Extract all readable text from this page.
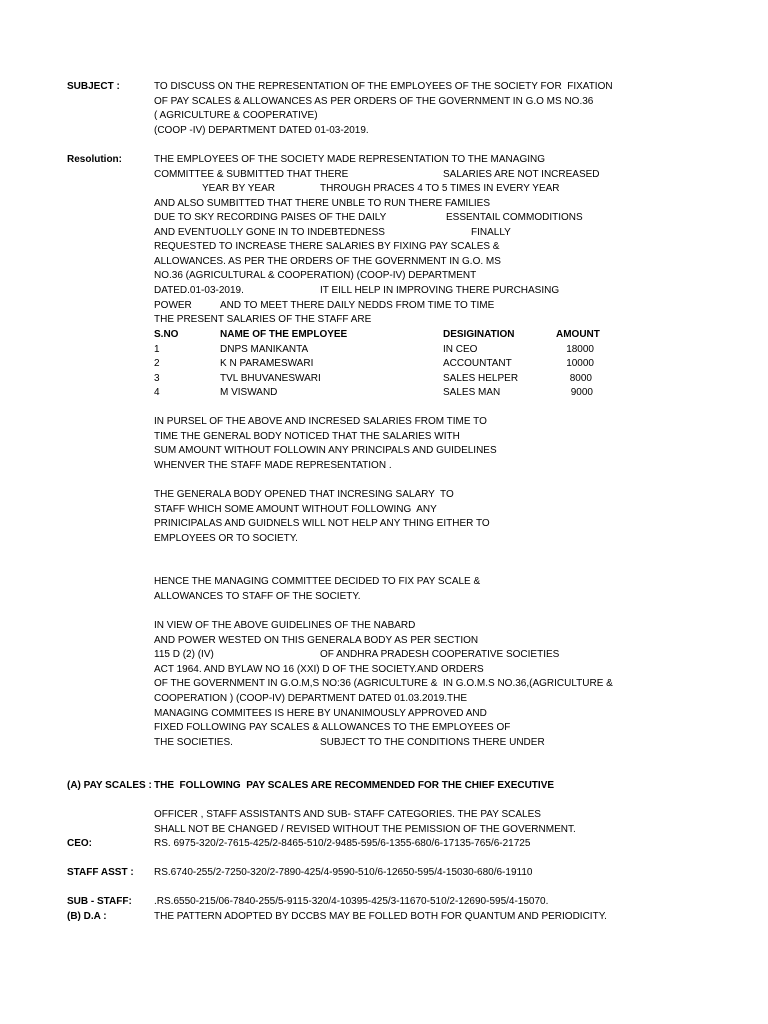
SUBJECT :	TO DISCUSS ON THE REPRESENTATION OF THE EMPLOYEES OF THE SOCIETY FOR  FIXATION
OF PAY SCALES & ALLOWANCES AS PER ORDERS OF THE GOVERNMENT IN G.O MS NO.36
( AGRICULTURE & COOPERATIVE)
(COOP -IV) DEPARTMENT DATED 01-03-2019.
Resolution:	THE EMPLOYEES OF THE SOCIETY MADE REPRESENTATION TO THE MANAGING
COMMITTEE & SUBMITTED THAT THERE	SALARIES ARE NOT INCREASED
YEAR BY YEAR	THROUGH PRACES 4 TO 5 TIMES IN EVERY YEAR
AND ALSO SUMBITTED THAT THERE UNBLE TO RUN THERE FAMILIES
DUE TO SKY RECORDING PAISES OF THE DAILY	ESSENTAIL COMMODITIONS
AND EVENTUOLLY GONE IN TO INDEBTEDNESS	FINALLY
REQUESTED TO INCREASE THERE SALARIES BY FIXING PAY SCALES &
ALLOWANCES. AS PER THE ORDERS OF THE GOVERNMENT IN G.O. MS
NO.36 (AGRICULTURAL & COOPERATION) (COOP-IV) DEPARTMENT
DATED.01-03-2019.	IT EILL HELP IN IMPROVING THERE PURCHASING
POWER	AND TO MEET THERE DAILY NEDDS FROM TIME TO TIME
THE PRESENT SALARIES OF THE STAFF ARE
S.NO	NAME OF THE EMPLOYEE	DESIGINATION	AMOUNT
1	DNPS MANIKANTA	IN CEO	18000
2	K N PARAMESWARI	ACCOUNTANT	10000
3	TVL BHUVANESWARI	SALES HELPER	8000
4	M VISWAND	SALES MAN	9000
IN PURSEL OF THE ABOVE AND INCRESED SALARIES FROM TIME TO
TIME THE GENERAL BODY NOTICED THAT THE SALARIES WITH
SUM AMOUNT WITHOUT FOLLOWIN ANY PRINCIPALS AND GUIDELINES
WHENVER THE STAFF MADE REPRESENTATION .
THE GENERALA BODY OPENED THAT INCRESING SALARY  TO
STAFF WHICH SOME AMOUNT WITHOUT FOLLOWING  ANY
PRINICIPALAS AND GUIDNELS WILL NOT HELP ANY THING EITHER TO
EMPLOYEES OR TO SOCIETY.
HENCE THE MANAGING COMMITTEE DECIDED TO FIX PAY SCALE &
ALLOWANCES TO STAFF OF THE SOCIETY.
IN VIEW OF THE ABOVE GUIDELINES OF THE NABARD
AND POWER WESTED ON THIS GENERALA BODY AS PER SECTION
115 D (2) (IV)	OF ANDHRA PRADESH COOPERATIVE SOCIETIES
ACT 1964. AND BYLAW NO 16 (XXI) D OF THE SOCIETY.AND ORDERS
OF THE GOVERNMENT IN G.O.M,S NO:36 (AGRICULTURE & IN G.O.M.S NO.36,(AGRICULTURE &
COOPERATION ) (COOP-IV) DEPARTMENT DATED 01.03.2019.THE
MANAGING COMMITEES IS HERE BY UNANIMOUSLY APPROVED AND
FIXED FOLLOWING PAY SCALES & ALLOWANCES TO THE EMPLOYEES OF
THE SOCIETIES.	SUBJECT TO THE CONDITIONS THERE UNDER
(A) PAY SCALES : THE  FOLLOWING  PAY SCALES ARE RECOMMENDED FOR THE CHIEF EXECUTIVE
OFFICER , STAFF ASSISTANTS AND SUB- STAFF CATEGORIES. THE PAY SCALES
SHALL NOT BE CHANGED / REVISED WITHOUT THE PEMISSION OF THE GOVERNMENT.
CEO:	RS. 6975-320/2-7615-425/2-8465-510/2-9485-595/6-1355-680/6-17135-765/6-21725
STAFF ASST : RS.6740-255/2-7250-320/2-7890-425/4-9590-510/6-12650-595/4-15030-680/6-19110
SUB - STAFF: .RS.6550-215/06-7840-255/5-9115-320/4-10395-425/3-11670-510/2-12690-595/4-15070.
(B) D.A :	THE PATTERN ADOPTED BY DCCBS MAY BE FOLLED BOTH FOR QUANTUM AND PERIODICITY.
